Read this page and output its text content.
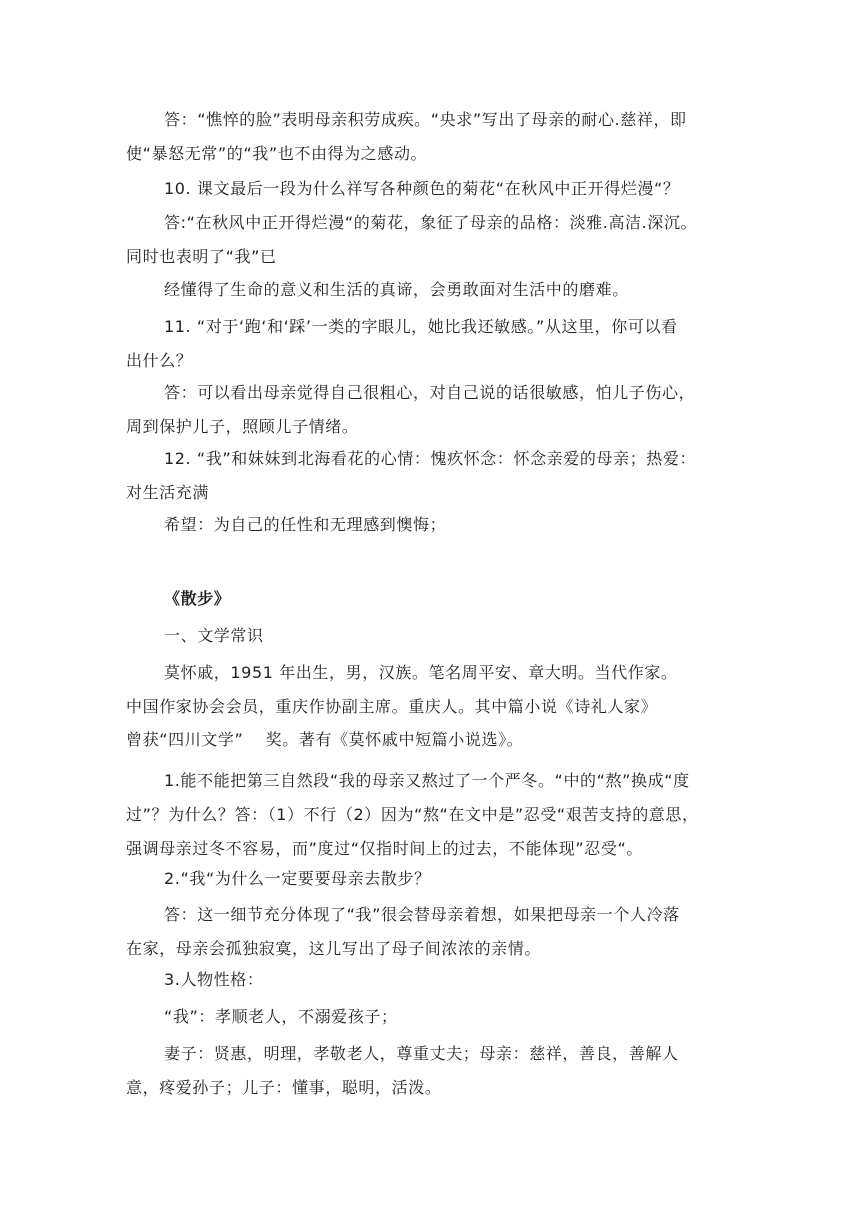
答：“憔悴的脸”表明母亲积劳成疾。“央求”写出了母亲的耐心.慈祥，即
使“暴怒无常”的“我”也不由得为之感动。

10. 课文最后一段为什么祥写各种颜色的菊花“在秋风中正开得烂漫“？

答:“在秋风中正开得烂漫“的菊花，象征了母亲的品格：淡雅.高洁.深沉。
同时也表明了“我”已

经懂得了生命的意义和生活的真谛，会勇敢面对生活中的磨难。

11. “对于‘跑‘和‘踩’一类的字眼儿，她比我还敏感。”从这里，你可以看
出什么？

答：可以看出母亲觉得自己很粗心，对自己说的话很敏感，怕儿子伤心，
周到保护儿子，照顾儿子情绪。

12. “我”和妹妹到北海看花的心情：愧疚怀念：怀念亲爱的母亲；热爱：
对生活充满

希望：为自己的任性和无理感到懊悔；

《散步》

一、文学常识

莫怀戚，1951 年出生，男，汉族。笔名周平安、章大明。当代作家。
中国作家协会会员，重庆作协副主席。重庆人。其中篇小说《诗礼人家》

曾获“四川文学”　 奖。著有《莫怀戚中短篇小说选》。

1.能不能把第三自然段“我的母亲又熬过了一个严冬。“中的“熬”换成“度
过”？为什么？答：（1）不行（2）因为“熬“在文中是”忍受“艰苦支持的意思，
强调母亲过冬不容易，而”度过“仅指时间上的过去，不能体现”忍受“。

2.“我“为什么一定要要母亲去散步？

答：这一细节充分体现了“我”很会替母亲着想，如果把母亲一个人冷落
在家，母亲会孤独寂寞，这儿写出了母子间浓浓的亲情。

3.人物性格：

“我”：孝顺老人，不溺爱孩子；

妻子：贤惠，明理，孝敬老人，尊重丈夫；母亲：慈祥，善良，善解人
意，疼爱孙子；儿子：懂事，聪明，活泼。
